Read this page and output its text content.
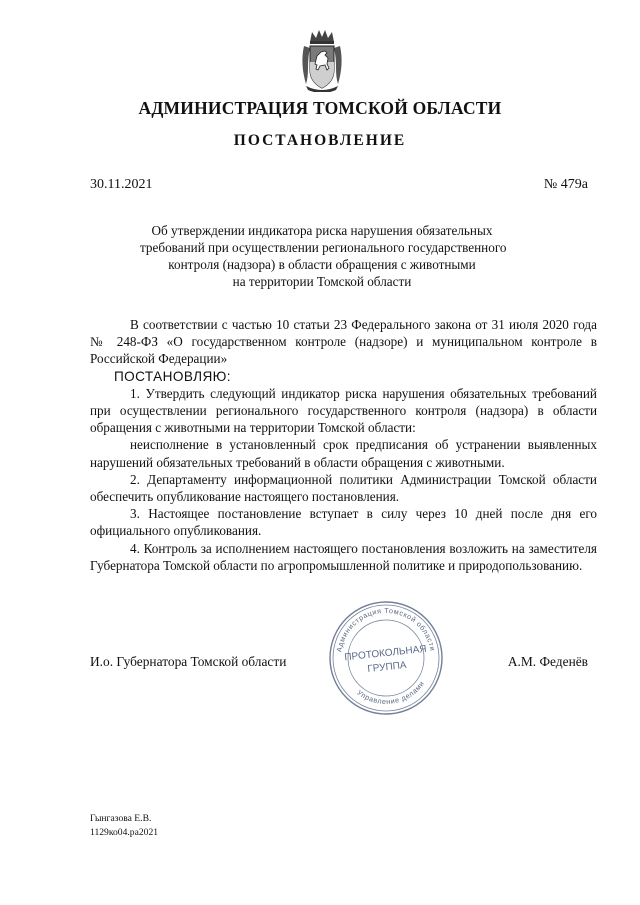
АДМИНИСТРАЦИЯ ТОМСКОЙ ОБЛАСТИ
ПОСТАНОВЛЕНИЕ
30.11.2021	№ 479а
Об утверждении индикатора риска нарушения обязательных
требований при осуществлении регионального государственного
контроля (надзора) в области обращения с животными
на территории Томской области

В соответствии с частью 10 статьи 23 Федерального закона от 31 июля 2020 года № 248-ФЗ «О государственном контроле (надзоре) и муниципальном контроле в Российской Федерации»

ПОСТАНОВЛЯЮ:

1. Утвердить следующий индикатор риска нарушения обязательных требований при осуществлении регионального государственного контроля (надзора) в области обращения с животными на территории Томской области:

неисполнение в установленный срок предписания об устранении выявленных нарушений обязательных требований в области обращения с животными.

2. Департаменту информационной политики Администрации Томской области обеспечить опубликование настоящего постановления.

3. Настоящее постановление вступает в силу через 10 дней после дня его официального опубликования.

4. Контроль за исполнением настоящего постановления возложить на заместителя Губернатора Томской области по агропромышленной политике и природопользованию.

И.о. Губернатора Томской области	А.М. Феденёв
Администрация Томской области
Управление делами
ПРОТОКОЛЬНАЯ
ГРУППА
Гынгазова Е.В.
1129ко04.ра2021
